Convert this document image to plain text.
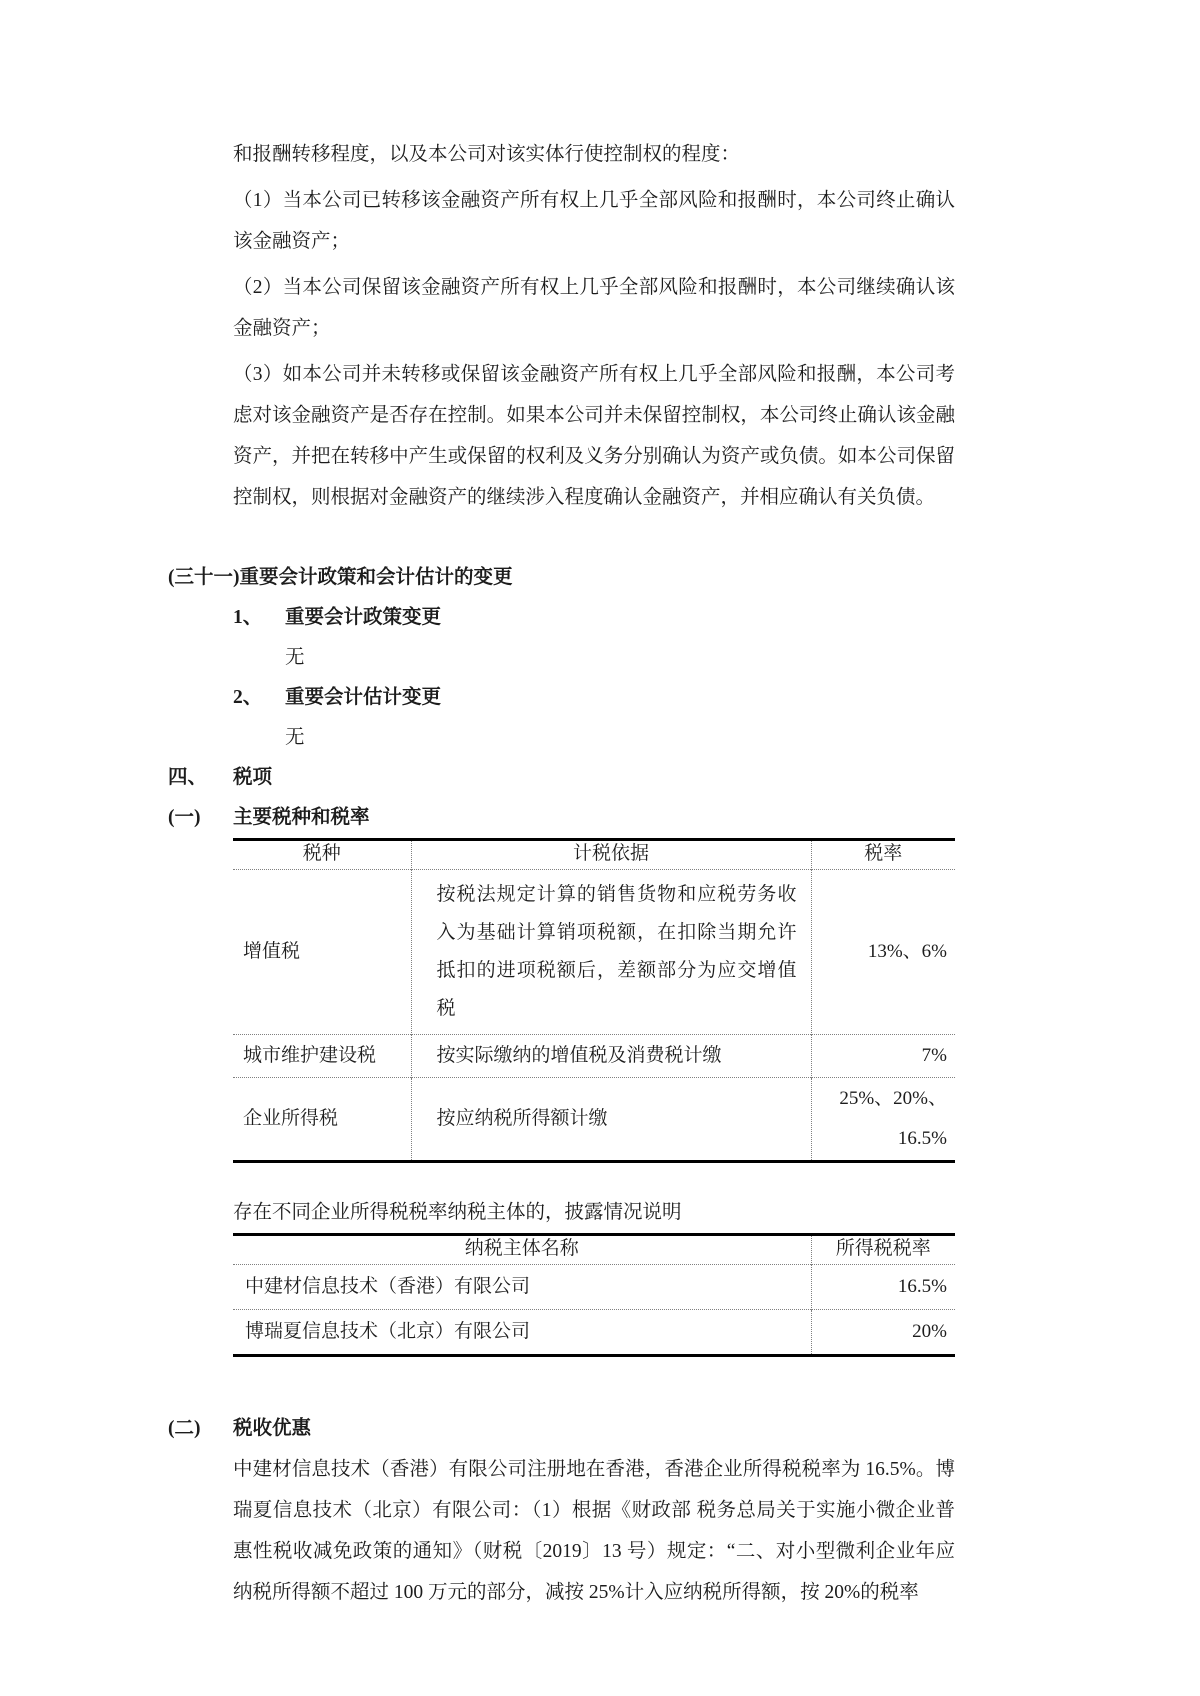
和报酬转移程度，以及本公司对该实体行使控制权的程度：

（1）当本公司已转移该金融资产所有权上几乎全部风险和报酬时，本公司终止确认该金融资产；

（2）当本公司保留该金融资产所有权上几乎全部风险和报酬时，本公司继续确认该金融资产；

（3）如本公司并未转移或保留该金融资产所有权上几乎全部风险和报酬，本公司考虑对该金融资产是否存在控制。如果本公司并未保留控制权，本公司终止确认该金融资产，并把在转移中产生或保留的权利及义务分别确认为资产或负债。如本公司保留控制权，则根据对金融资产的继续涉入程度确认金融资产，并相应确认有关负债。

(三十一) 重要会计政策和会计估计的变更
1、	重要会计政策变更
无
2、	重要会计估计变更
无
四、	税项
(一)	主要税种和税率
税种	计税依据	税率
增值税	按税法规定计算的销售货物和应税劳务收入为基础计算销项税额，在扣除当期允许抵扣的进项税额后，差额部分为应交增值税	13%、6%
城市维护建设税	按实际缴纳的增值税及消费税计缴	7%
企业所得税	按应纳税所得额计缴	25%、20%、16.5%
存在不同企业所得税税率纳税主体的，披露情况说明
纳税主体名称	所得税税率
中建材信息技术（香港）有限公司	16.5%
博瑞夏信息技术（北京）有限公司	20%
(二)	税收优惠

中建材信息技术（香港）有限公司注册地在香港，香港企业所得税税率为 16.5%。博瑞夏信息技术（北京）有限公司：（1）根据《财政部 税务总局关于实施小微企业普惠性税收减免政策的通知》（财税〔2019〕13 号）规定：“二、对小型微利企业年应纳税所得额不超过 100 万元的部分，减按 25%计入应纳税所得额，按 20%的税率
